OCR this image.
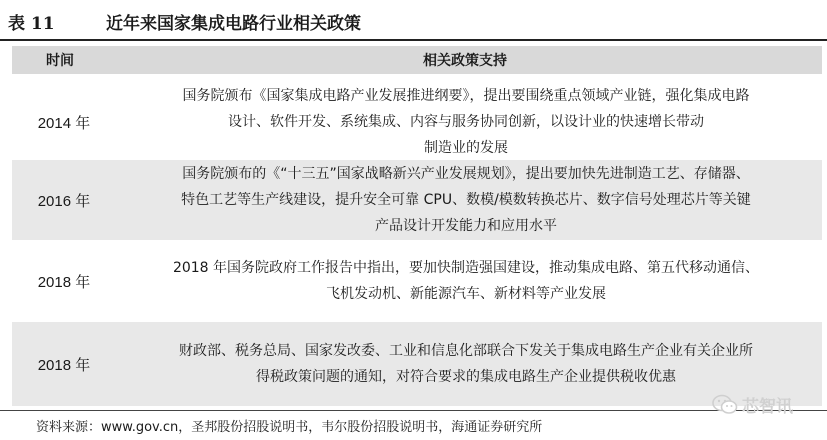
表 11	近年来国家集成电路行业相关政策
时间	相关政策支持
2014 年
国务院颁布《国家集成电路产业发展推进纲要》，提出要围绕重点领域产业链，强化集成电路
设计、软件开发、系统集成、内容与服务协同创新，以设计业的快速增长带动
制造业的发展
2016 年
国务院颁布的《“十三五”国家战略新兴产业发展规划》，提出要加快先进制造工艺、存储器、
特色工艺等生产线建设，提升安全可靠 CPU、数模/模数转换芯片、数字信号处理芯片等关键
产品设计开发能力和应用水平
2018 年
2018 年国务院政府工作报告中指出，要加快制造强国建设，推动集成电路、第五代移动通信、
飞机发动机、新能源汽车、新材料等产业发展
2018 年
财政部、税务总局、国家发改委、工业和信息化部联合下发关于集成电路生产企业有关企业所
得税政策问题的通知，对符合要求的集成电路生产企业提供税收优惠
资料来源：www.gov.cn，圣邦股份招股说明书，韦尔股份招股说明书，海通证券研究所
芯智讯
